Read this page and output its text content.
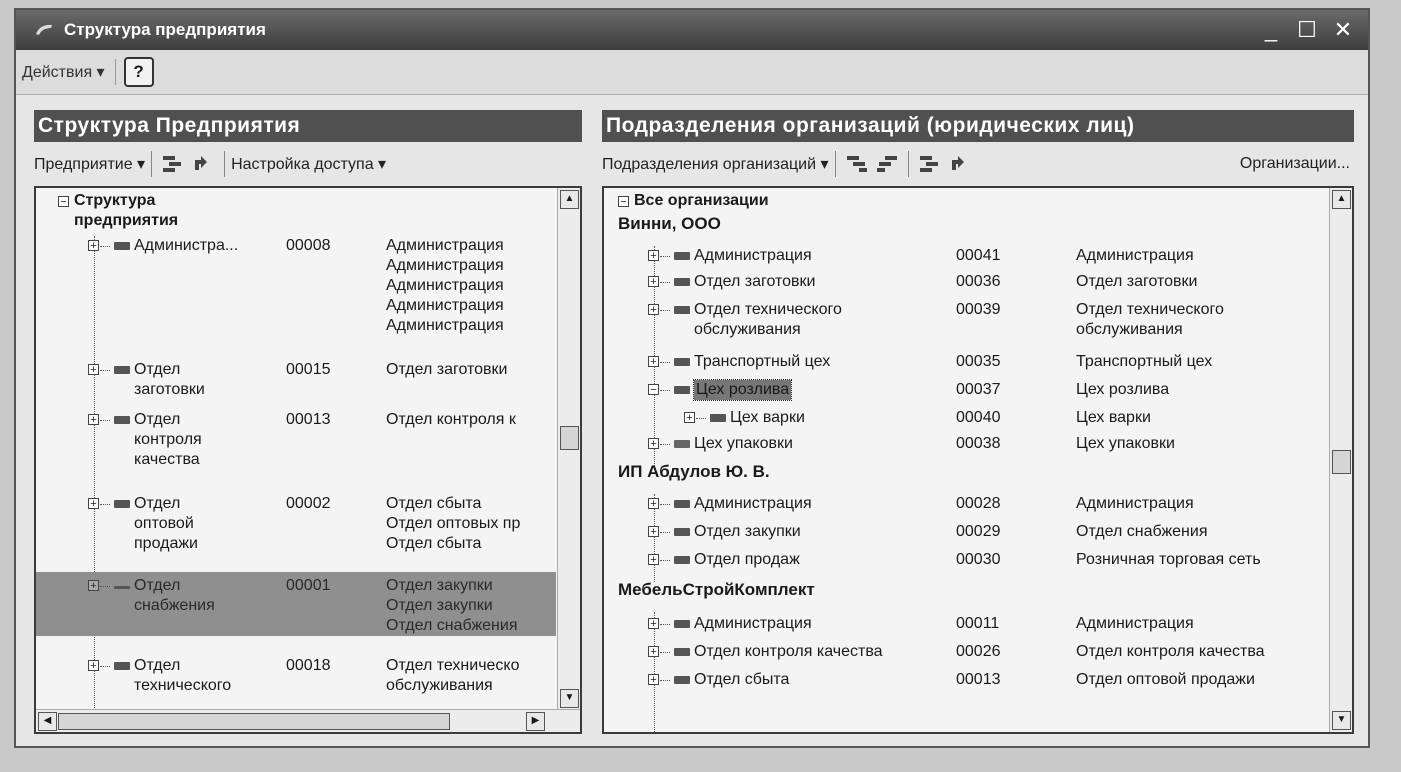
Структура предприятия	_ ☐ ✕
Действия ▾	?
Структура Предприятия
Предприятие ▾	Настройка доступа ▾
− Структура
предприятия
+ Администра...	00008	Администрация
Администрация
Администрация
Администрация
Администрация
+ Отдел
заготовки
00015	Отдел заготовки
+ Отдел
контроля
качества
00013	Отдел контроля к
+ Отдел
оптовой
продажи
00002	Отдел сбыта
Отдел оптовых пр
Отдел сбыта
+ Отдел
снабжения
00001	Отдел закупки
Отдел закупки
Отдел снабжения
+ Отдел
технического
00018	Отдел техническо
обслуживания
▲
▼
◀	▶
Подразделения организаций (юридических лиц)
Подразделения организаций ▾	Организации...
− Все организации
Винни, ООО
+ Администрация	00041	Администрация
+ Отдел заготовки	00036	Отдел заготовки
+ Отдел технического
обслуживания
00039	Отдел технического
обслуживания
+ Транспортный цех	00035	Транспортный цех
− Цех розлива	00037	Цех розлива
+ Цех варки	00040	Цех варки
+ Цех упаковки	00038	Цех упаковки
ИП Абдулов Ю. В.
+ Администрация	00028	Администрация
+ Отдел закупки	00029	Отдел снабжения
+ Отдел продаж	00030	Розничная торговая сеть
МебельСтройКомплект
+ Администрация	00011	Администрация
+ Отдел контроля качества	00026	Отдел контроля качества
+ Отдел сбыта	00013	Отдел оптовой продажи
▲
▼
